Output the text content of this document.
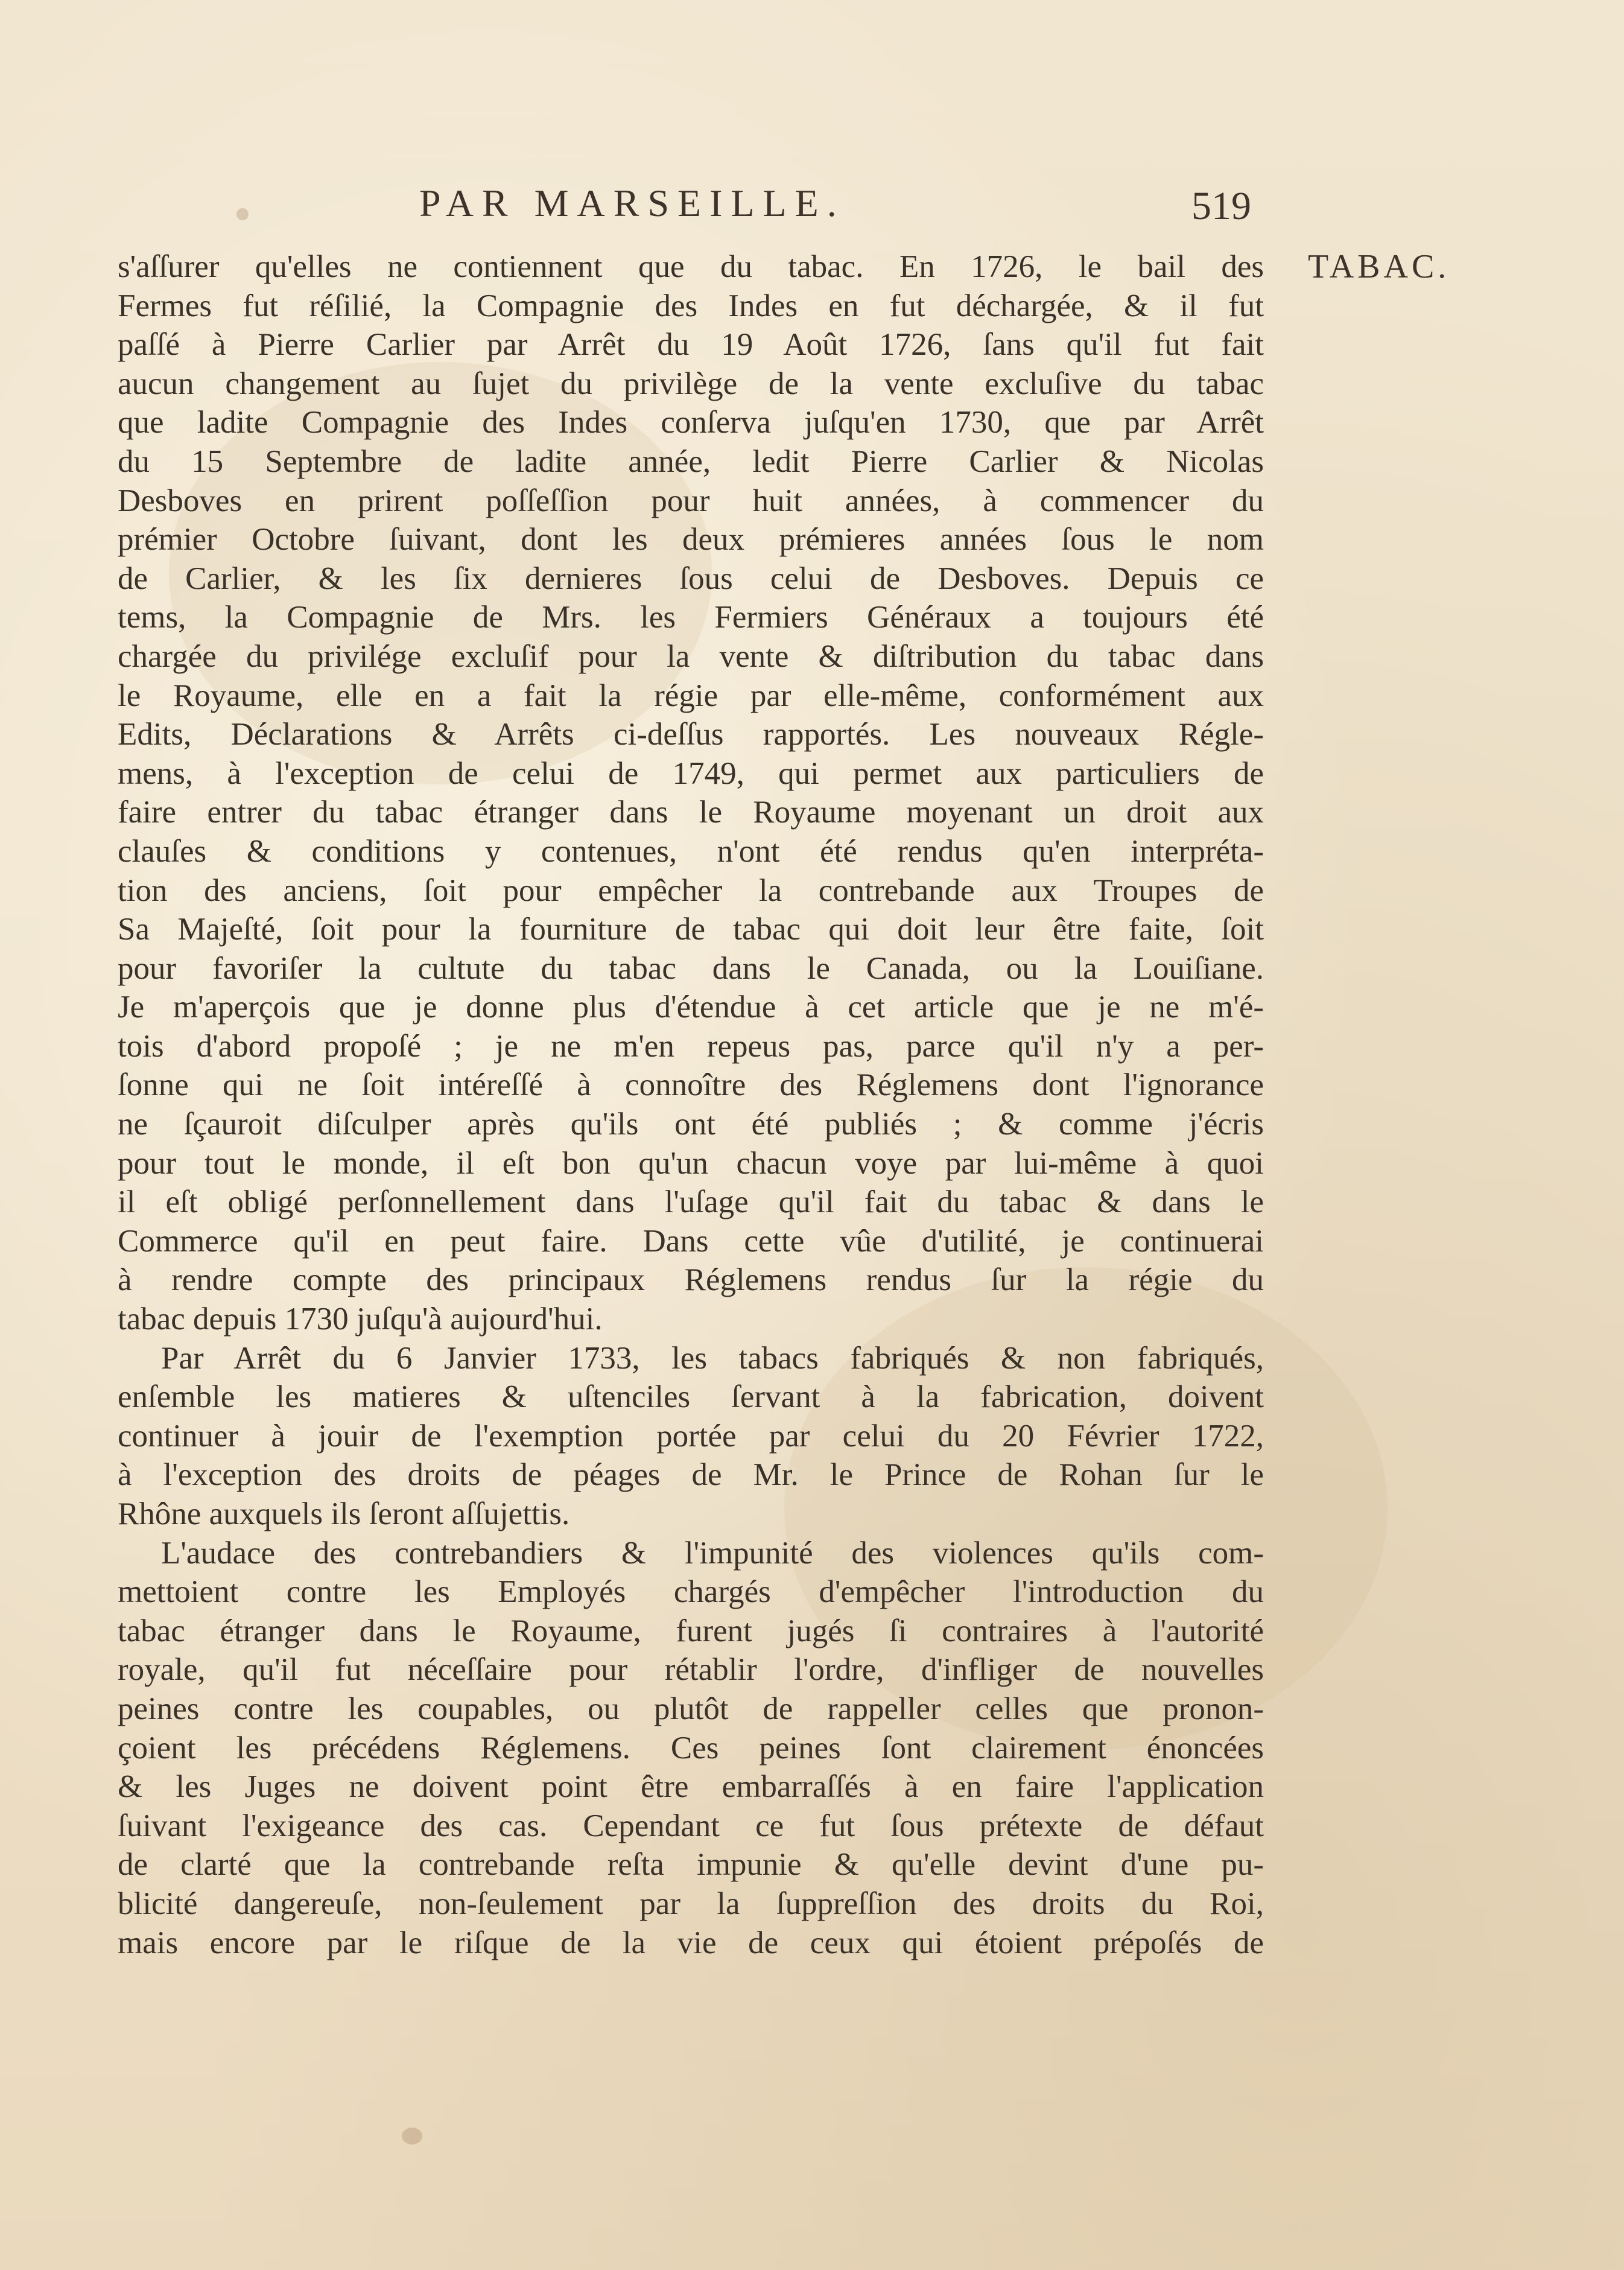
PAR MARSEILLE.	519
TABAC.
s'aſſurer qu'elles ne contiennent que du tabac. En 1726, le bail des
Fermes fut réſilié, la Compagnie des Indes en fut déchargée, & il fut
paſſé à Pierre Carlier par Arrêt du 19 Août 1726, ſans qu'il fut fait
aucun changement au ſujet du privilège de la vente excluſive du tabac
que ladite Compagnie des Indes conſerva juſqu'en 1730, que par Arrêt
du 15 Septembre de ladite année, ledit Pierre Carlier & Nicolas
Desboves en prirent poſſeſſion pour huit années, à commencer du
prémier Octobre ſuivant, dont les deux prémieres années ſous le nom
de Carlier, & les ſix dernieres ſous celui de Desboves. Depuis ce
tems, la Compagnie de Mrs. les Fermiers Généraux a toujours été
chargée du privilége excluſif pour la vente & diſtribution du tabac dans
le Royaume, elle en a fait la régie par elle-même, conformément aux
Edits, Déclarations & Arrêts ci-deſſus rapportés. Les nouveaux Régle-
mens, à l'exception de celui de 1749, qui permet aux particuliers de
faire entrer du tabac étranger dans le Royaume moyenant un droit aux
clauſes & conditions y contenues, n'ont été rendus qu'en interpréta-
tion des anciens, ſoit pour empêcher la contrebande aux Troupes de
Sa Majeſté, ſoit pour la fourniture de tabac qui doit leur être faite, ſoit
pour favoriſer la cultute du tabac dans le Canada, ou la Louiſiane.
Je m'aperçois que je donne plus d'étendue à cet article que je ne m'é-
tois d'abord propoſé ; je ne m'en repeus pas, parce qu'il n'y a per-
ſonne qui ne ſoit intéreſſé à connoître des Réglemens dont l'ignorance
ne ſçauroit diſculper après qu'ils ont été publiés ; & comme j'écris
pour tout le monde, il eſt bon qu'un chacun voye par lui-même à quoi
il eſt obligé perſonnellement dans l'uſage qu'il fait du tabac & dans le
Commerce qu'il en peut faire. Dans cette vûe d'utilité, je continuerai
à rendre compte des principaux Réglemens rendus ſur la régie du
tabac depuis 1730 juſqu'à aujourd'hui.
Par Arrêt du 6 Janvier 1733, les tabacs fabriqués & non fabriqués,
enſemble les matieres & uſtenciles ſervant à la fabrication, doivent
continuer à jouir de l'exemption portée par celui du 20 Février 1722,
à l'exception des droits de péages de Mr. le Prince de Rohan ſur le
Rhône auxquels ils ſeront aſſujettis.
L'audace des contrebandiers & l'impunité des violences qu'ils com-
mettoient contre les Employés chargés d'empêcher l'introduction du
tabac étranger dans le Royaume, furent jugés ſi contraires à l'autorité
royale, qu'il fut néceſſaire pour rétablir l'ordre, d'infliger de nouvelles
peines contre les coupables, ou plutôt de rappeller celles que pronon-
çoient les précédens Réglemens. Ces peines ſont clairement énoncées
& les Juges ne doivent point être embarraſſés à en faire l'application
ſuivant l'exigeance des cas. Cependant ce fut ſous prétexte de défaut
de clarté que la contrebande reſta impunie & qu'elle devint d'une pu-
blicité dangereuſe, non-ſeulement par la ſuppreſſion des droits du Roi,
mais encore par le riſque de la vie de ceux qui étoient prépoſés de
